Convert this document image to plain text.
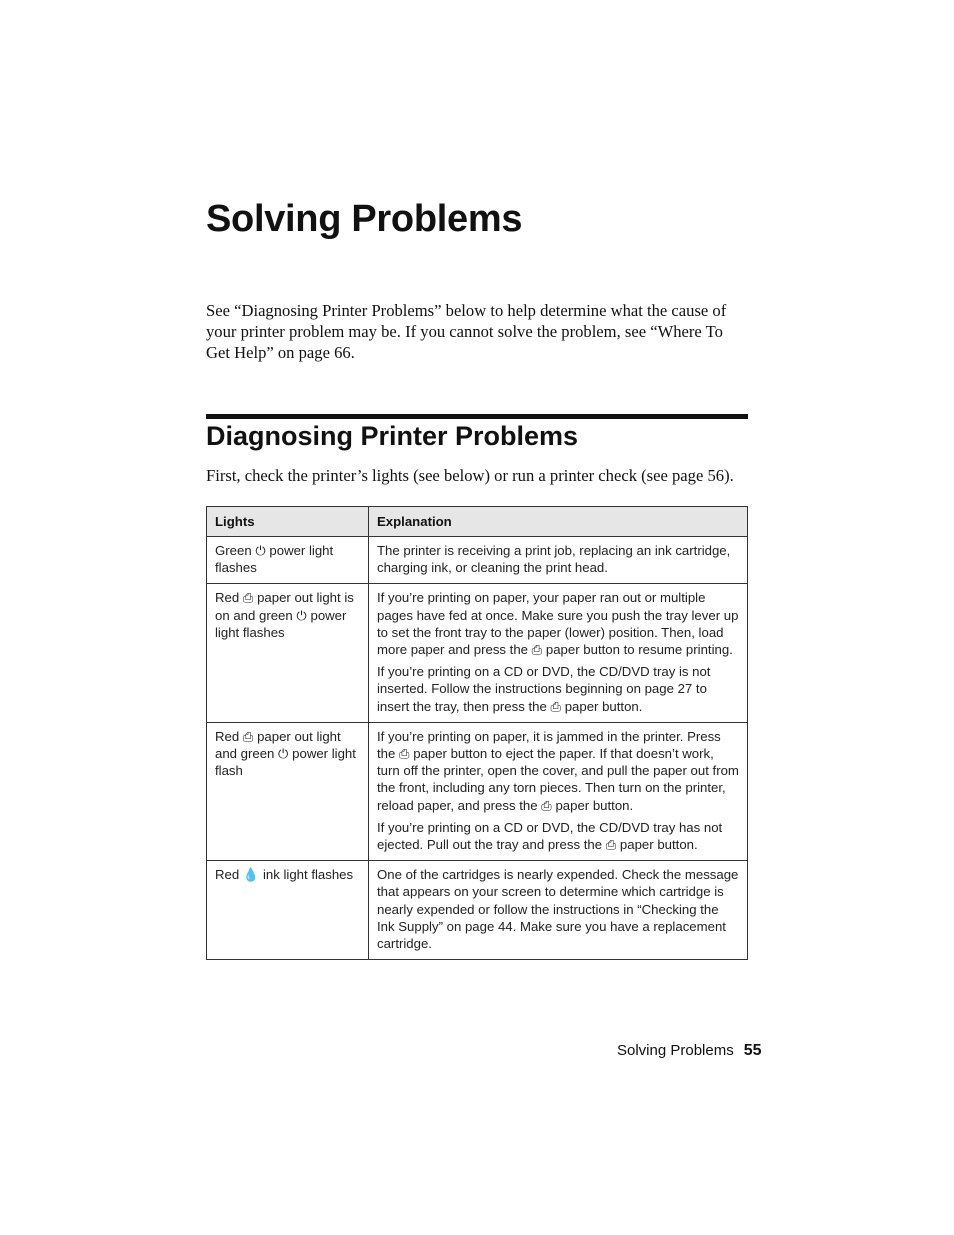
Solving Problems

See “Diagnosing Printer Problems” below to help determine what the cause of your printer problem may be. If you cannot solve the problem, see “Where To Get Help” on page 66.

Diagnosing Printer Problems

First, check the printer’s lights (see below) or run a printer check (see page 56).

Lights	Explanation
Green ⏻ power light flashes	The printer is receiving a print job, replacing an ink cartridge, charging ink, or cleaning the print head.

Red ⎙ paper out light is on and green ⏻ power light flashes	If you’re printing on paper, your paper ran out or multiple pages have fed at once. Make sure you push the tray lever up to set the front tray to the paper (lower) position. Then, load more paper and press the ⎙ paper button to resume printing.

If you’re printing on a CD or DVD, the CD/DVD tray is not inserted. Follow the instructions beginning on page 27 to insert the tray, then press the ⎙ paper button.

Red ⎙ paper out light and green ⏻ power light flash	If you’re printing on paper, it is jammed in the printer. Press the ⎙ paper button to eject the paper. If that doesn’t work, turn off the printer, open the cover, and pull the paper out from the front, including any torn pieces. Then turn on the printer, reload paper, and press the ⎙ paper button.

If you’re printing on a CD or DVD, the CD/DVD tray has not ejected. Pull out the tray and press the ⎙ paper button.

Red 💧 ink light flashes	One of the cartridges is nearly expended. Check the message that appears on your screen to determine which cartridge is nearly expended or follow the instructions in “Checking the Ink Supply” on page 44. Make sure you have a replacement cartridge.

Solving Problems 55
